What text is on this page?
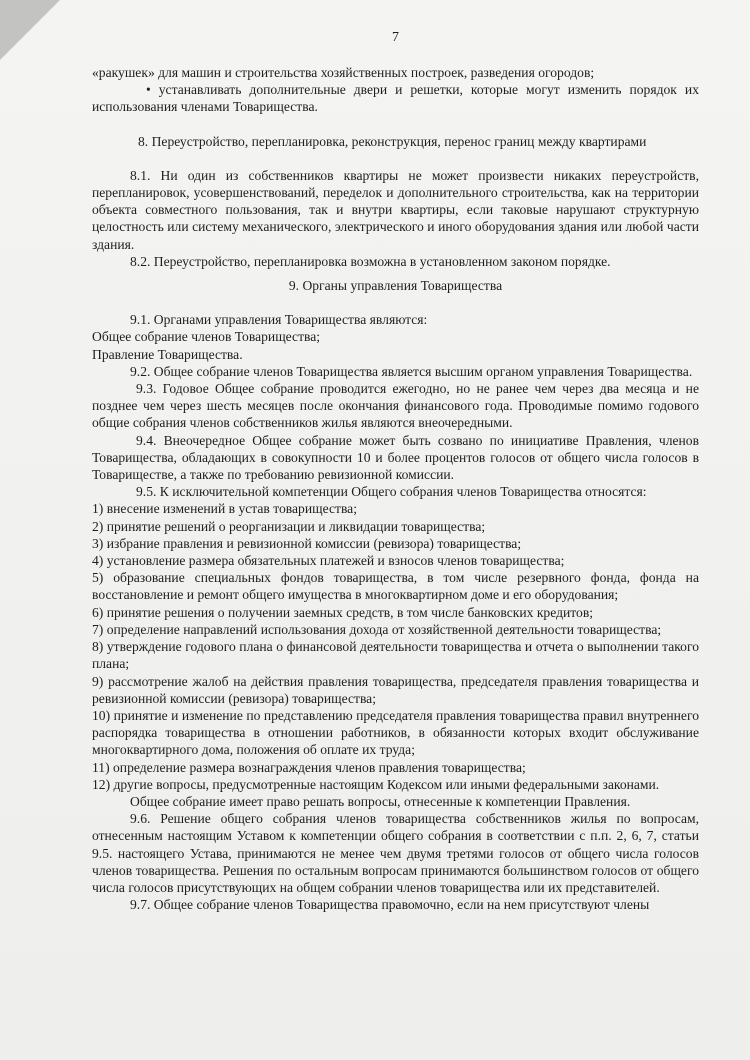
7

«ракушек» для машин и строительства хозяйственных построек, разведения огородов;

• устанавливать дополнительные двери и решетки, которые могут изменить порядок их использования членами Товарищества.

8. Переустройство, перепланировка, реконструкция, перенос границ между квартирами

8.1. Ни один из собственников квартиры не может произвести никаких переустройств, перепланировок, усовершенствований, переделок и дополнительного строительства, как на территории объекта совместного пользования, так и внутри квартиры, если таковые нарушают структурную целостность или систему механического, электрического и иного оборудования здания или любой части здания.

8.2. Переустройство, перепланировка возможна в установленном законом порядке.

9. Органы управления Товарищества

9.1. Органами управления Товарищества являются:

Общее собрание членов Товарищества;

Правление Товарищества.

9.2. Общее собрание членов Товарищества является высшим органом управления Товарищества.

9.3. Годовое Общее собрание проводится ежегодно, но не ранее чем через два месяца и не позднее чем через шесть месяцев после окончания финансового года. Проводимые помимо годового общие собрания членов собственников жилья являются внеочередными.

9.4. Внеочередное Общее собрание может быть созвано по инициативе Правления, членов Товарищества, обладающих в совокупности 10 и более процентов голосов от общего числа голосов в Товариществе, а также по требованию ревизионной комиссии.

9.5. К исключительной компетенции Общего собрания членов Товарищества относятся:

1) внесение изменений в устав товарищества;

2) принятие решений о реорганизации и ликвидации товарищества;

3) избрание правления и ревизионной комиссии (ревизора) товарищества;

4) установление размера обязательных платежей и взносов членов товарищества;

5) образование специальных фондов товарищества, в том числе резервного фонда, фонда на восстановление и ремонт общего имущества в многоквартирном доме и его оборудования;

6) принятие решения о получении заемных средств, в том числе банковских кредитов;

7) определение направлений использования дохода от хозяйственной деятельности товарищества;

8) утверждение годового плана о финансовой деятельности товарищества и отчета о выполнении такого плана;

9) рассмотрение жалоб на действия правления товарищества, председателя правления товарищества и ревизионной комиссии (ревизора) товарищества;

10) принятие и изменение по представлению председателя правления товарищества правил внутреннего распорядка товарищества в отношении работников, в обязанности которых входит обслуживание многоквартирного дома, положения об оплате их труда;

11) определение размера вознаграждения членов правления товарищества;

12) другие вопросы, предусмотренные настоящим Кодексом или иными федеральными законами.

Общее собрание имеет право решать вопросы, отнесенные к компетенции Правления.

9.6. Решение общего собрания членов товарищества собственников жилья по вопросам, отнесенным настоящим Уставом к компетенции общего собрания в соответствии с п.п. 2, 6, 7, статьи 9.5. настоящего Устава, принимаются не менее чем двумя третями голосов от общего числа голосов членов товарищества. Решения по остальным вопросам принимаются большинством голосов от общего числа голосов присутствующих на общем собрании членов товарищества или их представителей.

9.7. Общее собрание членов Товарищества правомочно, если на нем присутствуют члены
